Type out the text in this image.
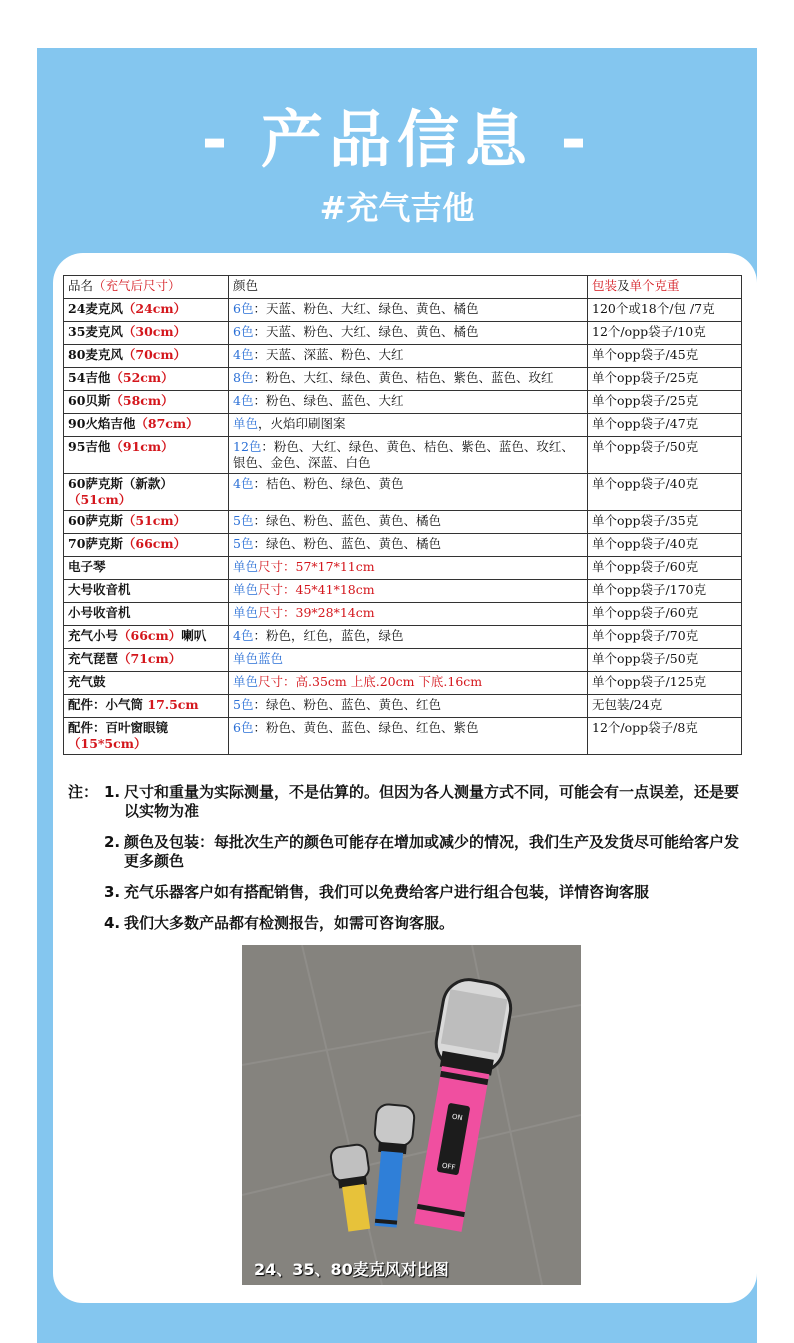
- 产品信息 -
#充气吉他
品名（充气后尺寸）	颜色	包装及单个克重
24麦克风（24cm）	6色：天蓝、粉色、大红、绿色、黄色、橘色	120个或18个/包 /7克
35麦克风（30cm）	6色：天蓝、粉色、大红、绿色、黄色、橘色	12个/opp袋子/10克
80麦克风（70cm）	4色：天蓝、深蓝、粉色、大红	单个opp袋子/45克
54吉他（52cm）	8色：粉色、大红、绿色、黄色、桔色、紫色、蓝色、玫红	单个opp袋子/25克
60贝斯（58cm）	4色：粉色、绿色、蓝色、大红	单个opp袋子/25克
90火焰吉他（87cm）	单色，火焰印刷图案	单个opp袋子/47克
95吉他（91cm）	12色：粉色、大红、绿色、黄色、桔色、紫色、蓝色、玫红、银色、金色、深蓝、白色	单个opp袋子/50克
60萨克斯（新款）（51cm）	4色：桔色、粉色、绿色、黄色	单个opp袋子/40克
60萨克斯（51cm）	5色：绿色、粉色、蓝色、黄色、橘色	单个opp袋子/35克
70萨克斯（66cm）	5色：绿色、粉色、蓝色、黄色、橘色	单个opp袋子/40克
电子琴	单色尺寸：57*17*11cm	单个opp袋子/60克
大号收音机	单色尺寸：45*41*18cm	单个opp袋子/170克
小号收音机	单色尺寸：39*28*14cm	单个opp袋子/60克
充气小号（66cm）喇叭	4色：粉色，红色，蓝色，绿色	单个opp袋子/70克
充气琵琶（71cm）	单色蓝色	单个opp袋子/50克
充气鼓	单色尺寸：高.35cm 上底.20cm 下底.16cm	单个opp袋子/125克
配件：小气筒 17.5cm	5色：绿色、粉色、蓝色、黄色、红色	无包装/24克
配件：百叶窗眼镜（15*5cm）	6色：粉色、黄色、蓝色、绿色、红色、紫色	12个/opp袋子/8克
注： 1. 尺寸和重量为实际测量，不是估算的。但因为各人测量方式不同，可能会有一点误差，还是要以实物为准
2. 颜色及包装：每批次生产的颜色可能存在增加或减少的情况，我们生产及发货尽可能给客户发更多颜色
3. 充气乐器客户如有搭配销售，我们可以免费给客户进行组合包装，详情咨询客服
4. 我们大多数产品都有检测报告，如需可咨询客服。
ON
OFF
24、35、80麦克风对比图
